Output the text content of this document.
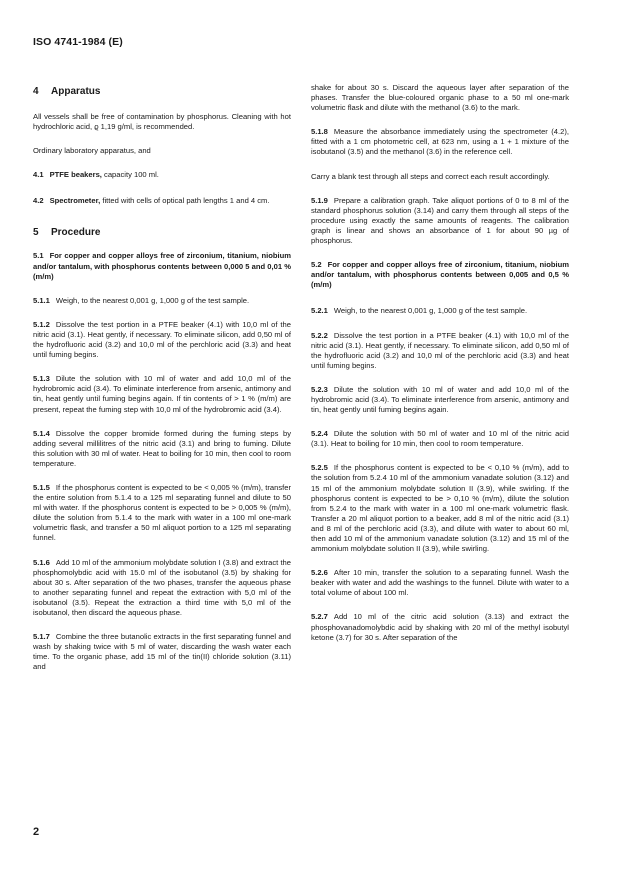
ISO 4741-1984 (E)
4 Apparatus

All vessels shall be free of contamination by phosphorus. Cleaning with hot hydrochloric acid, ϱ 1,19 g/ml, is recommended.

Ordinary laboratory apparatus, and

4.1 PTFE beakers, capacity 100 ml.

4.2 Spectrometer, fitted with cells of optical path lengths 1 and 4 cm.

5 Procedure

5.1 For copper and copper alloys free of zirconium, titanium, niobium and/or tantalum, with phosphorus contents between 0,000 5 and 0,01 % (m/m)

5.1.1 Weigh, to the nearest 0,001 g, 1,000 g of the test sample.

5.1.2 Dissolve the test portion in a PTFE beaker (4.1) with 10,0 ml of the nitric acid (3.1). Heat gently, if necessary. To eliminate silicon, add 0,50 ml of the hydrofluoric acid (3.2) and 10,0 ml of the perchloric acid (3.3) and heat until fuming begins.

5.1.3 Dilute the solution with 10 ml of water and add 10,0 ml of the hydrobromic acid (3.4). To eliminate interference from arsenic, antimony and tin, heat gently until fuming begins again. If tin contents of > 1 % (m/m) are present, repeat the fuming step with 10,0 ml of the hydrobromic acid (3.4).

5.1.4 Dissolve the copper bromide formed during the fuming steps by adding several millilitres of the nitric acid (3.1) and bring to fuming. Dilute this solution with 30 ml of water. Heat to boiling for 10 min, then cool to room temperature.

5.1.5 If the phosphorus content is expected to be < 0,005 % (m/m), transfer the entire solution from 5.1.4 to a 125 ml separating funnel and dilute to 50 ml with water. If the phosphorus content is expected to be > 0,005 % (m/m), dilute the solution from 5.1.4 to the mark with water in a 100 ml one-mark volumetric flask, and transfer a 50 ml aliquot portion to a 125 ml separating funnel.

5.1.6 Add 10 ml of the ammonium molybdate solution I (3.8) and extract the phosphomolybdic acid with 15.0 ml of the isobutanol (3.5) by shaking for about 30 s. After separation of the two phases, transfer the aqueous phase to another separating funnel and repeat the extraction with 5,0 ml of the isobutanol (3.5). Repeat the extraction a third time with 5,0 ml of the isobutanol, then discard the aqueous phase.

5.1.7 Combine the three butanolic extracts in the first separating funnel and wash by shaking twice with 5 ml of water, discarding the wash water each time. To the organic phase, add 15 ml of the tin(II) chloride solution (3.11) and

shake for about 30 s. Discard the aqueous layer after separation of the phases. Transfer the blue-coloured organic phase to a 50 ml one-mark volumetric flask and dilute with the methanol (3.6) to the mark.

5.1.8 Measure the absorbance immediately using the spectrometer (4.2), fitted with a 1 cm photometric cell, at 623 nm, using a 1 + 1 mixture of the isobutanol (3.5) and the methanol (3.6) in the reference cell.

Carry a blank test through all steps and correct each result accordingly.

5.1.9 Prepare a calibration graph. Take aliquot portions of 0 to 8 ml of the standard phosphorus solution (3.14) and carry them through all steps of the procedure using exactly the same amounts of reagents. The calibration graph is linear and shows an absorbance of 1 for about 90 µg of phosphorus.

5.2 For copper and copper alloys free of zirconium, titanium, niobium and/or tantalum, with phosphorus contents between 0,005 and 0,5 % (m/m)

5.2.1 Weigh, to the nearest 0,001 g, 1,000 g of the test sample.

5.2.2 Dissolve the test portion in a PTFE beaker (4.1) with 10,0 ml of the nitric acid (3.1). Heat gently, if necessary. To eliminate silicon, add 0,50 ml of the hydrofluoric acid (3.2) and 10,0 ml of the perchloric acid (3.3) and heat until fuming begins.

5.2.3 Dilute the solution with 10 ml of water and add 10,0 ml of the hydrobromic acid (3.4). To eliminate interference from arsenic, antimony and tin, heat gently until fuming begins again.

5.2.4 Dilute the solution with 50 ml of water and 10 ml of the nitric acid (3.1). Heat to boiling for 10 min, then cool to room temperature.

5.2.5 If the phosphorus content is expected to be < 0,10 % (m/m), add to the solution from 5.2.4 10 ml of the ammonium vanadate solution (3.12) and 15 ml of the ammonium molybdate solution II (3.9), while swirling. If the phosphorus content is expected to be > 0,10 % (m/m), dilute the solution from 5.2.4 to the mark with water in a 100 ml one-mark volumetric flask. Transfer a 20 ml aliquot portion to a beaker, add 8 ml of the nitric acid (3.1) and 8 ml of the perchloric acid (3.3), and dilute with water to about 60 ml, then add 10 ml of the ammonium vanadate solution (3.12) and 15 ml of the ammonium molybdate solution II (3.9), while swirling.

5.2.6 After 10 min, transfer the solution to a separating funnel. Wash the beaker with water and add the washings to the funnel. Dilute with water to a total volume of about 100 ml.

5.2.7 Add 10 ml of the citric acid solution (3.13) and extract the phosphovanadomolybdic acid by shaking with 20 ml of the methyl isobutyl ketone (3.7) for 30 s. After separation of the

2
